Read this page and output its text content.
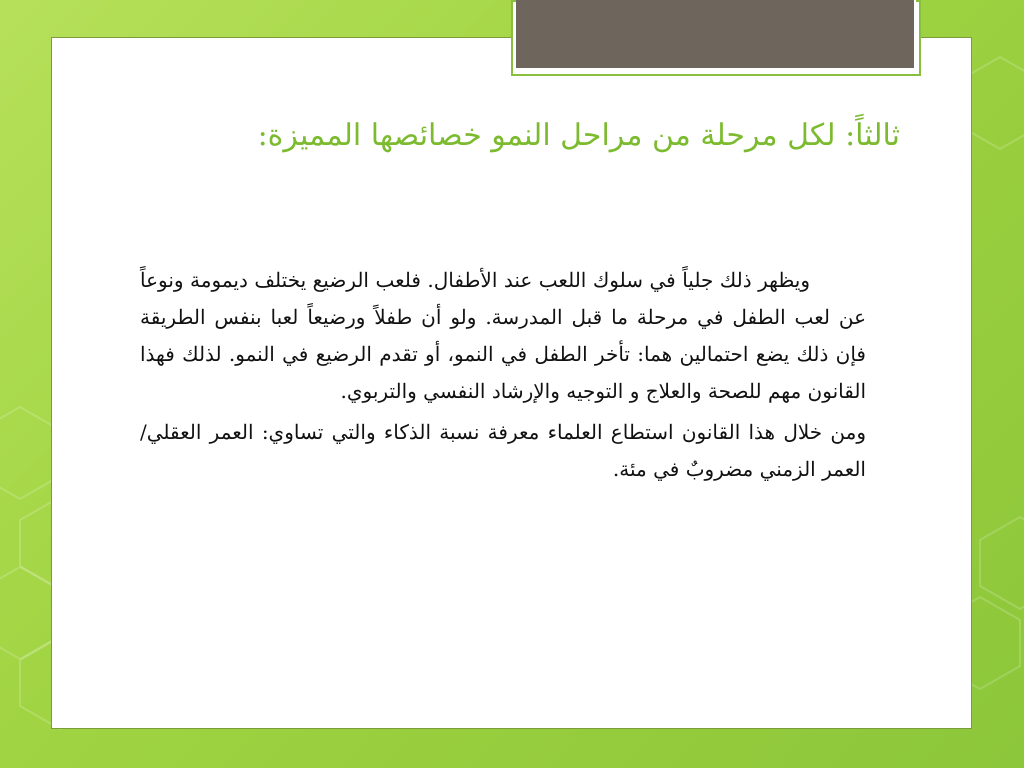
ثالثاً: لكل مرحلة من مراحل النمو خصائصها المميزة:

ويظهر ذلك جلياً في سلوك اللعب عند الأطفال. فلعب الرضيع يختلف ديمومة ونوعاً عن لعب الطفل في مرحلة ما قبل المدرسة. ولو أن طفلاً ورضيعاً لعبا بنفس الطريقة فإن ذلك يضع احتمالين هما: تأخر الطفل في النمو، أو تقدم الرضيع في النمو. لذلك فهذا القانون مهم للصحة والعلاج و التوجيه والإرشاد النفسي والتربوي.

ومن خلال هذا القانون استطاع العلماء معرفة نسبة الذكاء والتي تساوي: العمر العقلي/ العمر الزمني مضروبٌ في مئة.
